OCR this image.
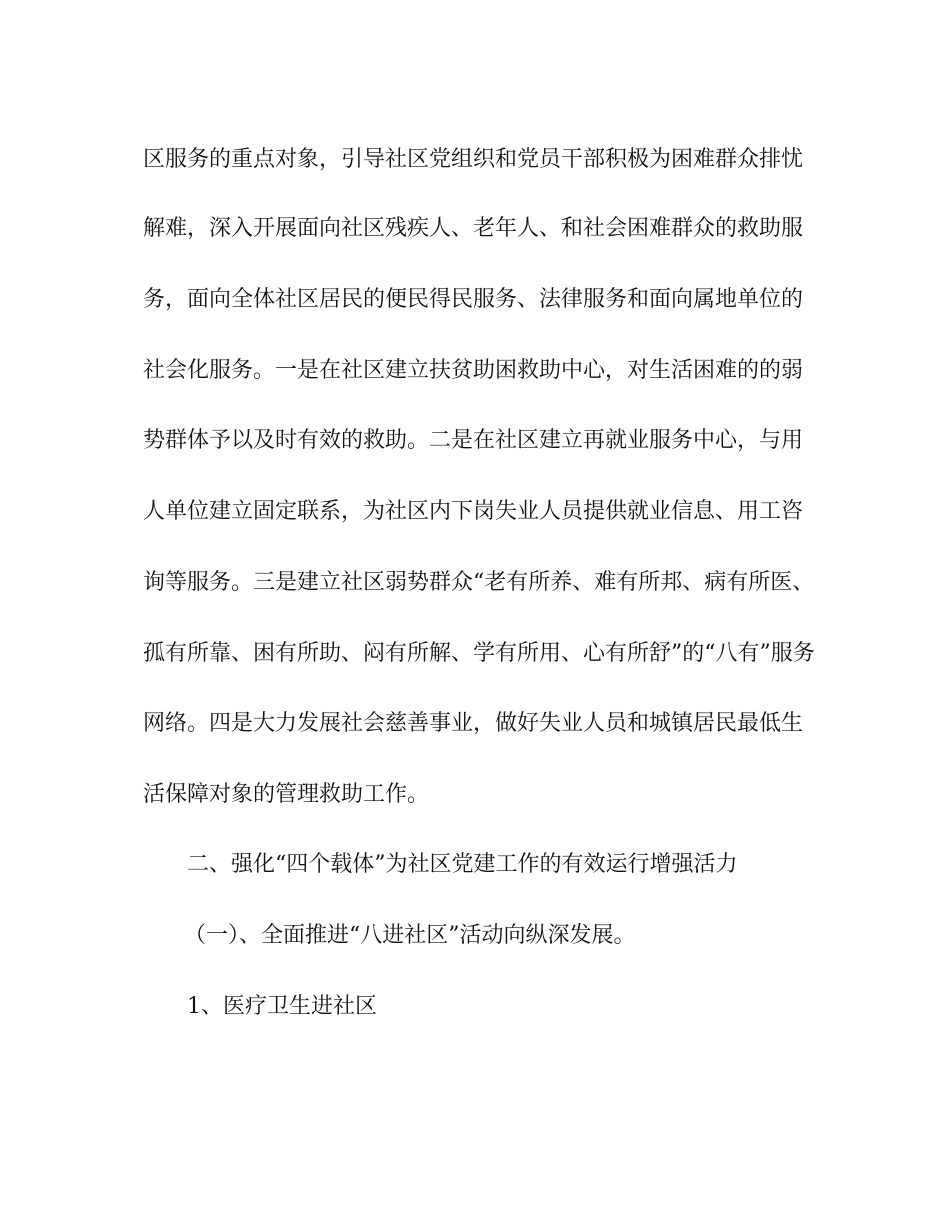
区服务的重点对象，引导社区党组织和党员干部积极为困难群众排忧
解难，深入开展面向社区残疾人、老年人、和社会困难群众的救助服
务，面向全体社区居民的便民得民服务、法律服务和面向属地单位的
社会化服务。一是在社区建立扶贫助困救助中心，对生活困难的的弱
势群体予以及时有效的救助。二是在社区建立再就业服务中心，与用
人单位建立固定联系，为社区内下岗失业人员提供就业信息、用工咨
询等服务。三是建立社区弱势群众“老有所养、难有所邦、病有所医、
孤有所靠、困有所助、闷有所解、学有所用、心有所舒”的“八有”服务
网络。四是大力发展社会慈善事业，做好失业人员和城镇居民最低生
活保障对象的管理救助工作。
二、强化“四个载体”为社区党建工作的有效运行增强活力
（一）、全面推进“八进社区”活动向纵深发展。
1、医疗卫生进社区
